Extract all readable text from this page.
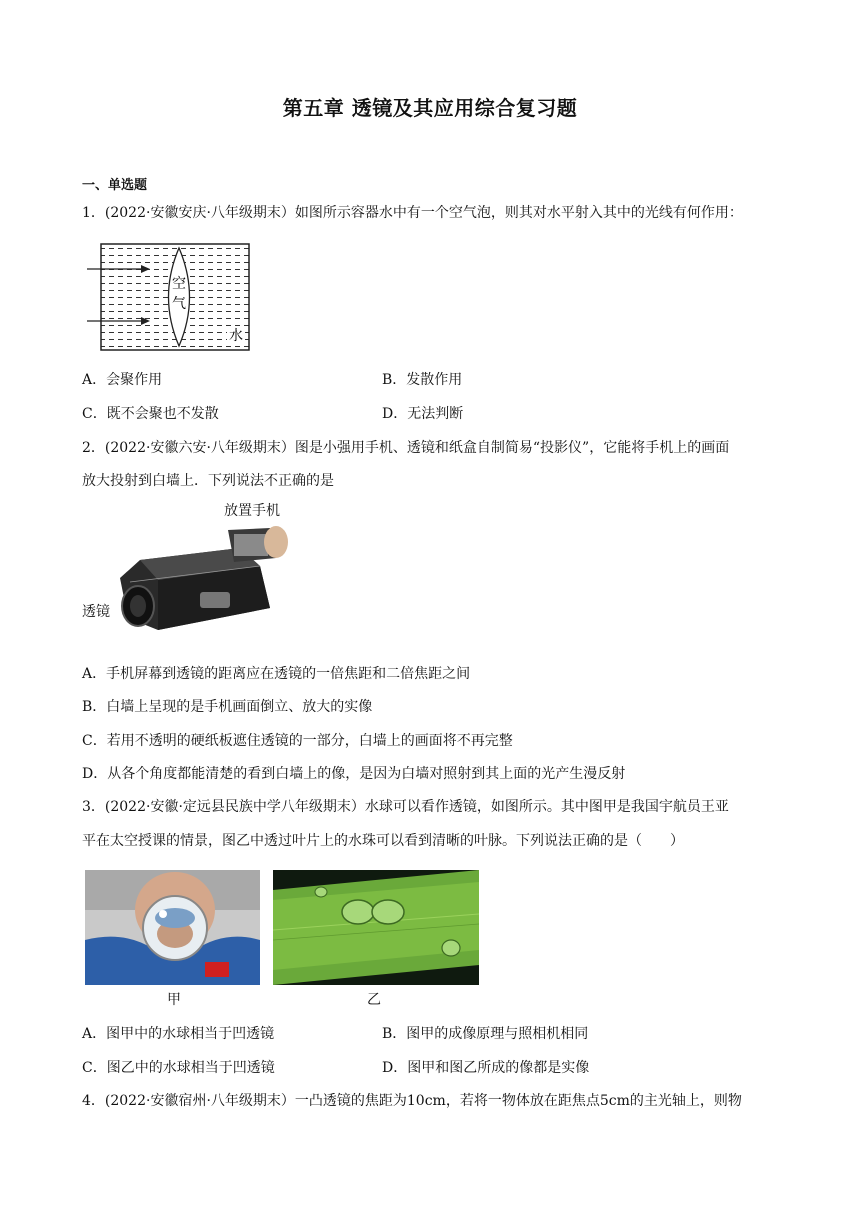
第五章 透镜及其应用综合复习题
一、单选题
1．(2022·安徽安庆·八年级期末）如图所示容器水中有一个空气泡，则其对水平射入其中的光线有何作用：
空
气
水
A．会聚作用	B．发散作用
C．既不会聚也不发散	D．无法判断
2．(2022·安徽六安·八年级期末）图是小强用手机、透镜和纸盒自制简易“投影仪”，它能将手机上的画面
放大投射到白墙上．下列说法不正确的是
放置手机
透镜
A．手机屏幕到透镜的距离应在透镜的一倍焦距和二倍焦距之间
B．白墙上呈现的是手机画面倒立、放大的实像
C．若用不透明的硬纸板遮住透镜的一部分，白墙上的画面将不再完整
D．从各个角度都能清楚的看到白墙上的像，是因为白墙对照射到其上面的光产生漫反射
3．(2022·安徽·定远县民族中学八年级期末）水球可以看作透镜，如图所示。其中图甲是我国宇航员王亚
平在太空授课的情景，图乙中透过叶片上的水珠可以看到清晰的叶脉。下列说法正确的是（　　）
甲	乙
A．图甲中的水球相当于凹透镜	B．图甲的成像原理与照相机相同
C．图乙中的水球相当于凹透镜	D．图甲和图乙所成的像都是实像
4．(2022·安徽宿州·八年级期末）一凸透镜的焦距为10cm，若将一物体放在距焦点5cm的主光轴上，则物
